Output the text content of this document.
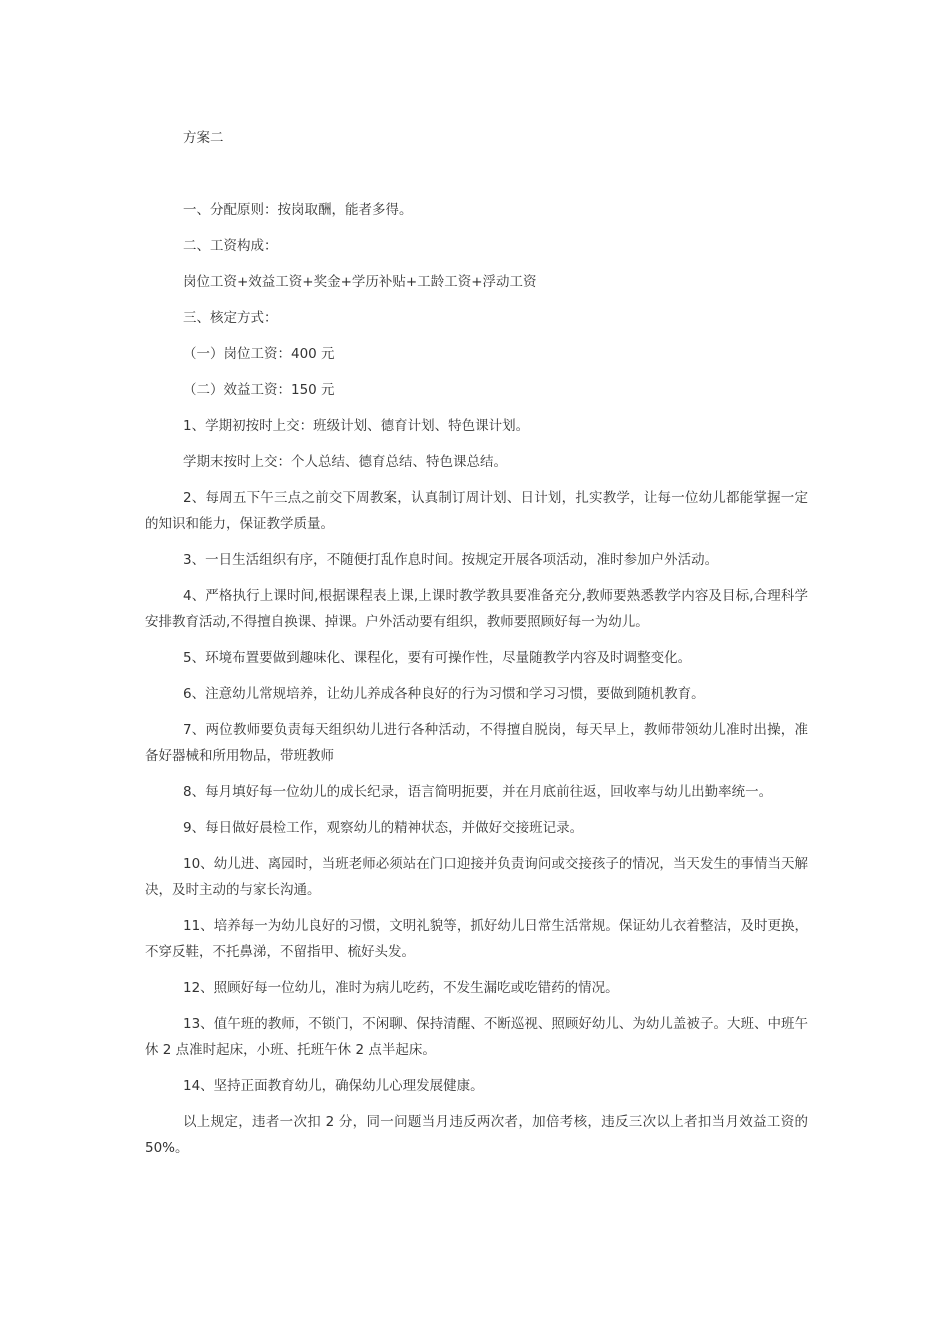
方案二

一、分配原则：按岗取酬，能者多得。

二、工资构成：

岗位工资+效益工资+奖金+学历补贴+工龄工资+浮动工资

三、核定方式：

（一）岗位工资：400 元

（二）效益工资：150 元

1、学期初按时上交：班级计划、德育计划、特色课计划。

学期末按时上交：个人总结、德育总结、特色课总结。

2、每周五下午三点之前交下周教案，认真制订周计划、日计划，扎实教学，让每一位幼儿都能掌握一定的知识和能力，保证教学质量。

3、一日生活组织有序，不随便打乱作息时间。按规定开展各项活动，准时参加户外活动。

4、严格执行上课时间,根据课程表上课,上课时教学教具要准备充分,教师要熟悉教学内容及目标,合理科学安排教育活动,不得擅自换课、掉课。户外活动要有组织，教师要照顾好每一为幼儿。

5、环境布置要做到趣味化、课程化，要有可操作性，尽量随教学内容及时调整变化。

6、注意幼儿常规培养，让幼儿养成各种良好的行为习惯和学习习惯，要做到随机教育。

7、两位教师要负责每天组织幼儿进行各种活动，不得擅自脱岗，每天早上，教师带领幼儿准时出操，准备好器械和所用物品，带班教师

8、每月填好每一位幼儿的成长纪录，语言简明扼要，并在月底前往返，回收率与幼儿出勤率统一。

9、每日做好晨检工作，观察幼儿的精神状态，并做好交接班记录。

10、幼儿进、离园时，当班老师必须站在门口迎接并负责询问或交接孩子的情况，当天发生的事情当天解决，及时主动的与家长沟通。

11、培养每一为幼儿良好的习惯，文明礼貌等，抓好幼儿日常生活常规。保证幼儿衣着整洁，及时更换，不穿反鞋，不托鼻涕，不留指甲、梳好头发。

12、照顾好每一位幼儿，准时为病儿吃药，不发生漏吃或吃错药的情况。

13、值午班的教师，不锁门，不闲聊、保持清醒、不断巡视、照顾好幼儿、为幼儿盖被子。大班、中班午休 2 点准时起床，小班、托班午休 2 点半起床。

14、坚持正面教育幼儿，确保幼儿心理发展健康。

以上规定，违者一次扣 2 分，同一问题当月违反两次者，加倍考核，违反三次以上者扣当月效益工资的 50%。
